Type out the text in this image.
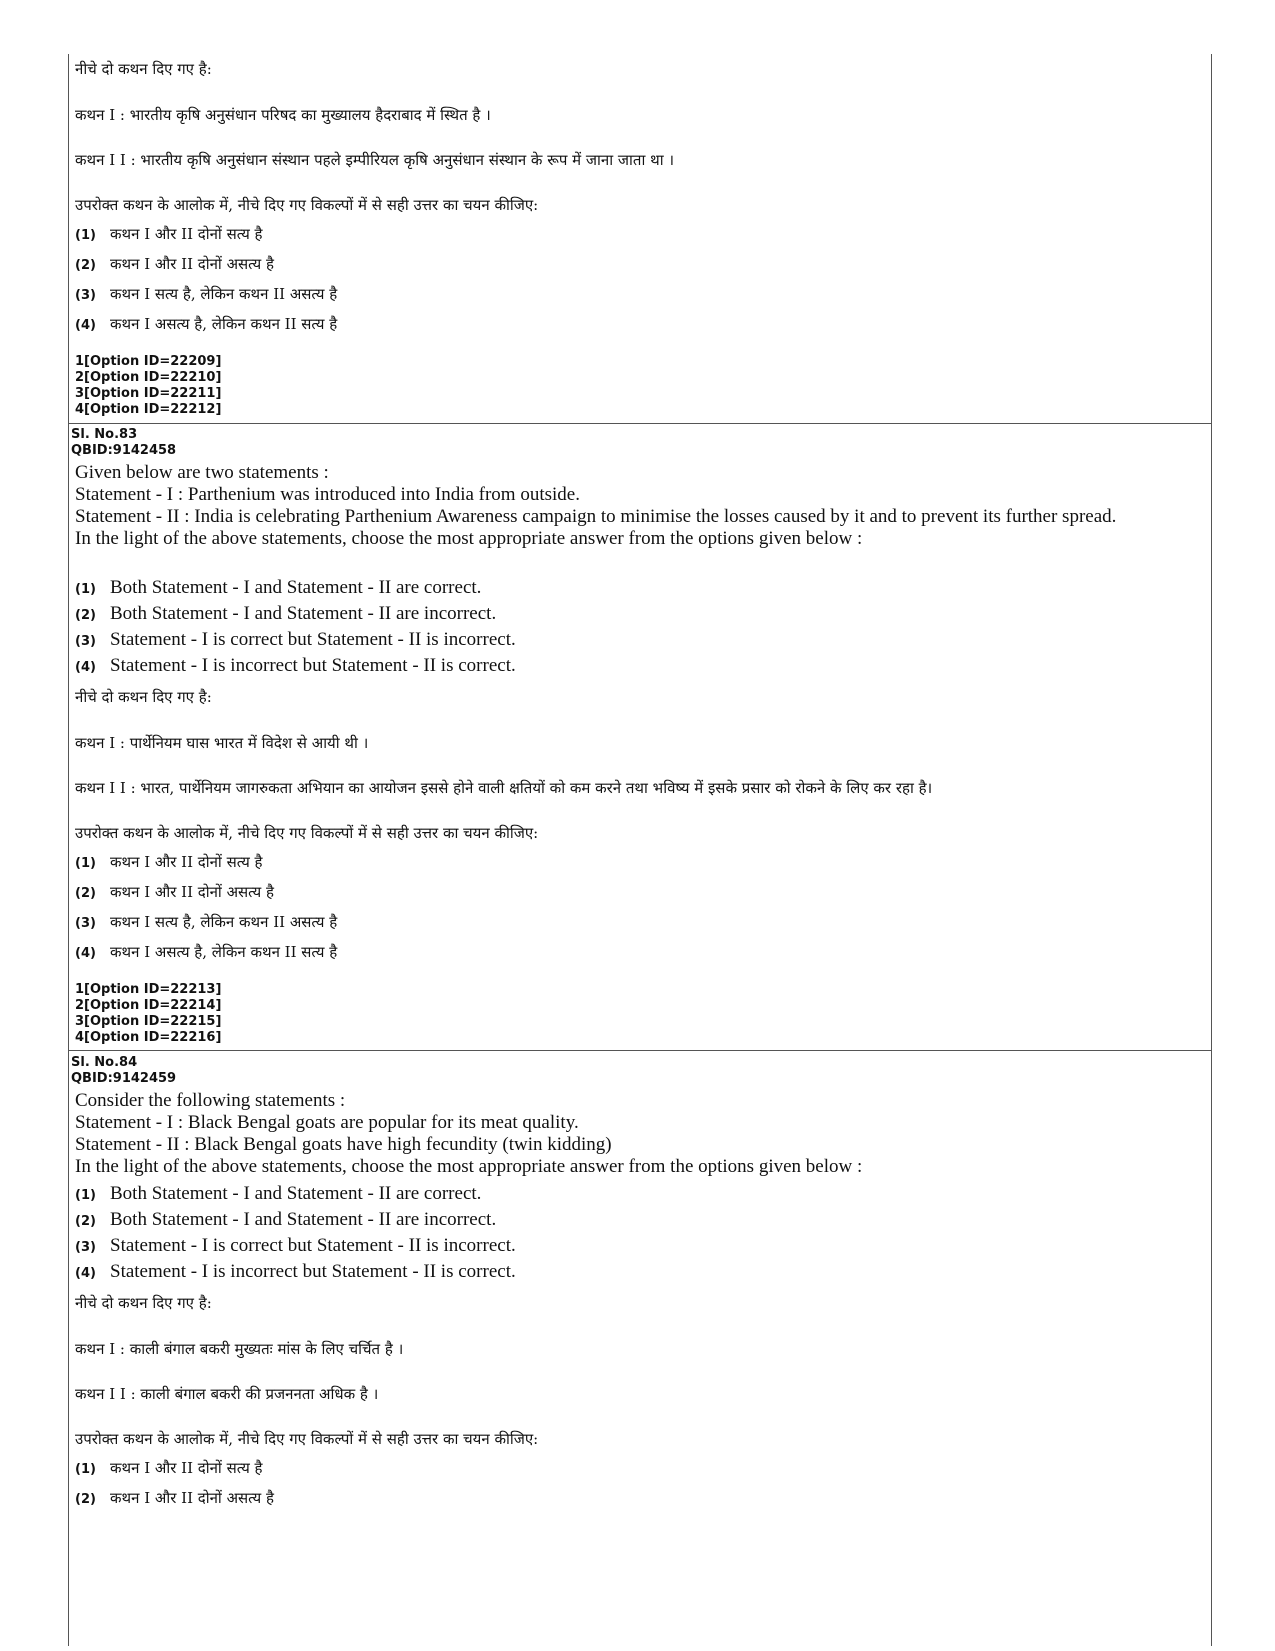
नीचे दो कथन दिए गए है:
कथन I : भारतीय कृषि अनुसंधान परिषद का मुख्यालय हैदराबाद में स्थित है ।
कथन I I : भारतीय कृषि अनुसंधान संस्थान पहले इम्पीरियल कृषि अनुसंधान संस्थान के रूप में जाना जाता था ।
उपरोक्त कथन के आलोक में, नीचे दिए गए विकल्पों में से सही उत्तर का चयन कीजिए:
(1) कथन I और II दोनों सत्य है
(2) कथन I और II दोनों असत्य है
(3) कथन I सत्य है, लेकिन कथन II असत्य है
(4) कथन I असत्य है, लेकिन कथन II सत्य है
1[Option ID=22209]
2[Option ID=22210]
3[Option ID=22211]
4[Option ID=22212]
Sl. No.83
QBID:9142458
Given below are two statements :
Statement - I : Parthenium was introduced into India from outside.
Statement - II : India is celebrating Parthenium Awareness campaign to minimise the losses caused by it and to prevent its further spread.
In the light of the above statements, choose the most appropriate answer from the options given below :
(1) Both Statement - I and Statement - II are correct.
(2) Both Statement - I and Statement - II are incorrect.
(3) Statement - I is correct but Statement - II is incorrect.
(4) Statement - I is incorrect but Statement - II is correct.
नीचे दो कथन दिए गए है:
कथन I : पार्थेनियम घास भारत में विदेश से आयी थी ।
कथन I I : भारत, पार्थेनियम जागरुकता अभियान का आयोजन इससे होने वाली क्षतियों को कम करने तथा भविष्य में इसके प्रसार को रोकने के लिए कर रहा है।
उपरोक्त कथन के आलोक में, नीचे दिए गए विकल्पों में से सही उत्तर का चयन कीजिए:
(1) कथन I और II दोनों सत्य है
(2) कथन I और II दोनों असत्य है
(3) कथन I सत्य है, लेकिन कथन II असत्य है
(4) कथन I असत्य है, लेकिन कथन II सत्य है
1[Option ID=22213]
2[Option ID=22214]
3[Option ID=22215]
4[Option ID=22216]
Sl. No.84
QBID:9142459
Consider the following statements :
Statement - I : Black Bengal goats are popular for its meat quality.
Statement - II : Black Bengal goats have high fecundity (twin kidding)
In the light of the above statements, choose the most appropriate answer from the options given below :
(1) Both Statement - I and Statement - II are correct.
(2) Both Statement - I and Statement - II are incorrect.
(3) Statement - I is correct but Statement - II is incorrect.
(4) Statement - I is incorrect but Statement - II is correct.
नीचे दो कथन दिए गए है:
कथन I : काली बंगाल बकरी मुख्यतः मांस के लिए चर्चित है ।
कथन I I : काली बंगाल बकरी की प्रजननता अधिक है ।
उपरोक्त कथन के आलोक में, नीचे दिए गए विकल्पों में से सही उत्तर का चयन कीजिए:
(1) कथन I और II दोनों सत्य है
(2) कथन I और II दोनों असत्य है
